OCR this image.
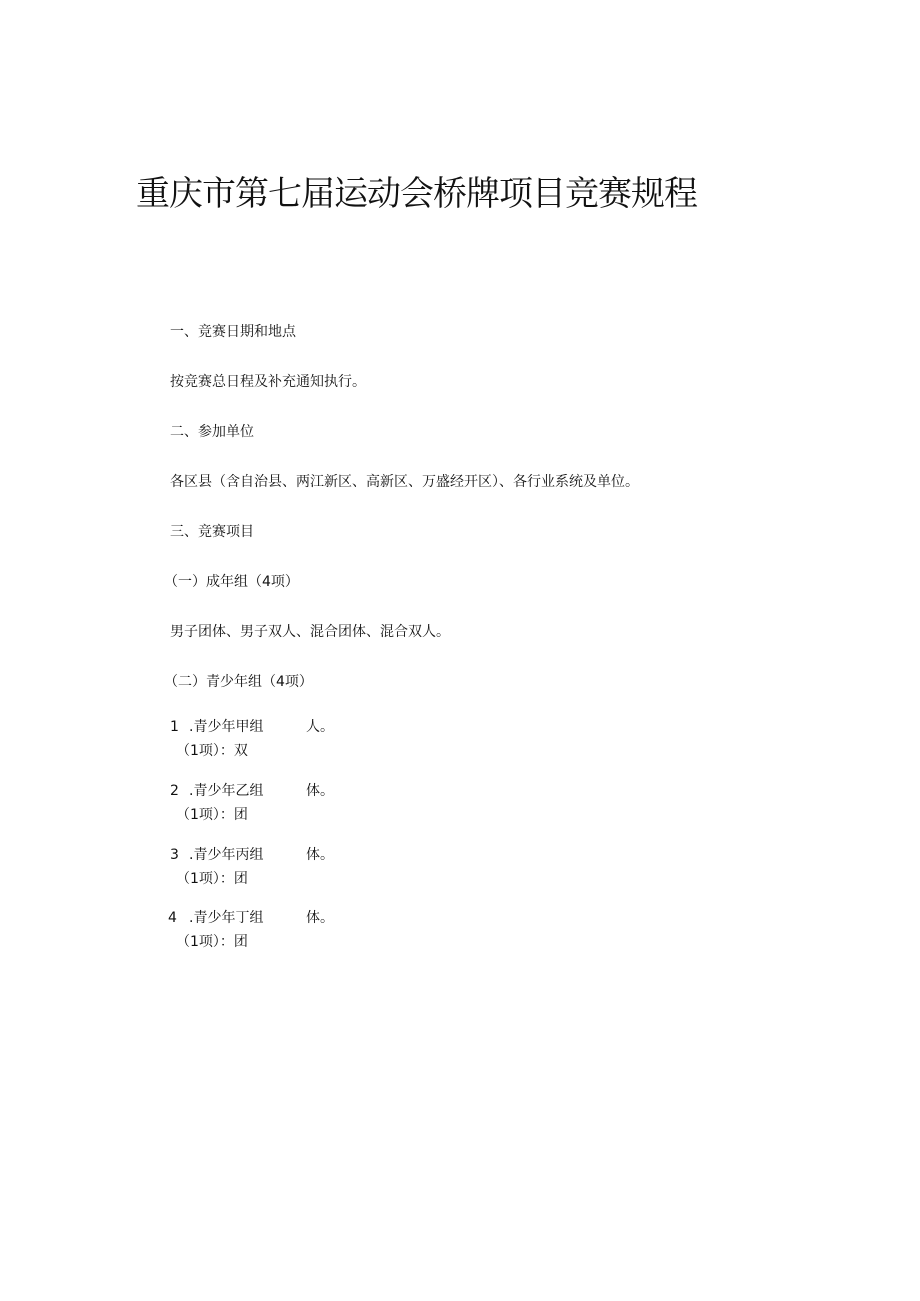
重庆市第七届运动会桥牌项目竞赛规程
一、竞赛日期和地点
按竞赛总日程及补充通知执行。
二、参加单位
各区县（含自治县、两江新区、高新区、万盛经开区）、各行业系统及单位。
三、竞赛项目
（一）成年组（4项）
男子团体、男子双人、混合团体、混合双人。
（二）青少年组（4项）
1 .青少年甲组	人。
（1项）：双
2 .青少年乙组	体。
（1项）：团
3 .青少年丙组	体。
（1项）：团
4 .青少年丁组	体。
（1项）：团
